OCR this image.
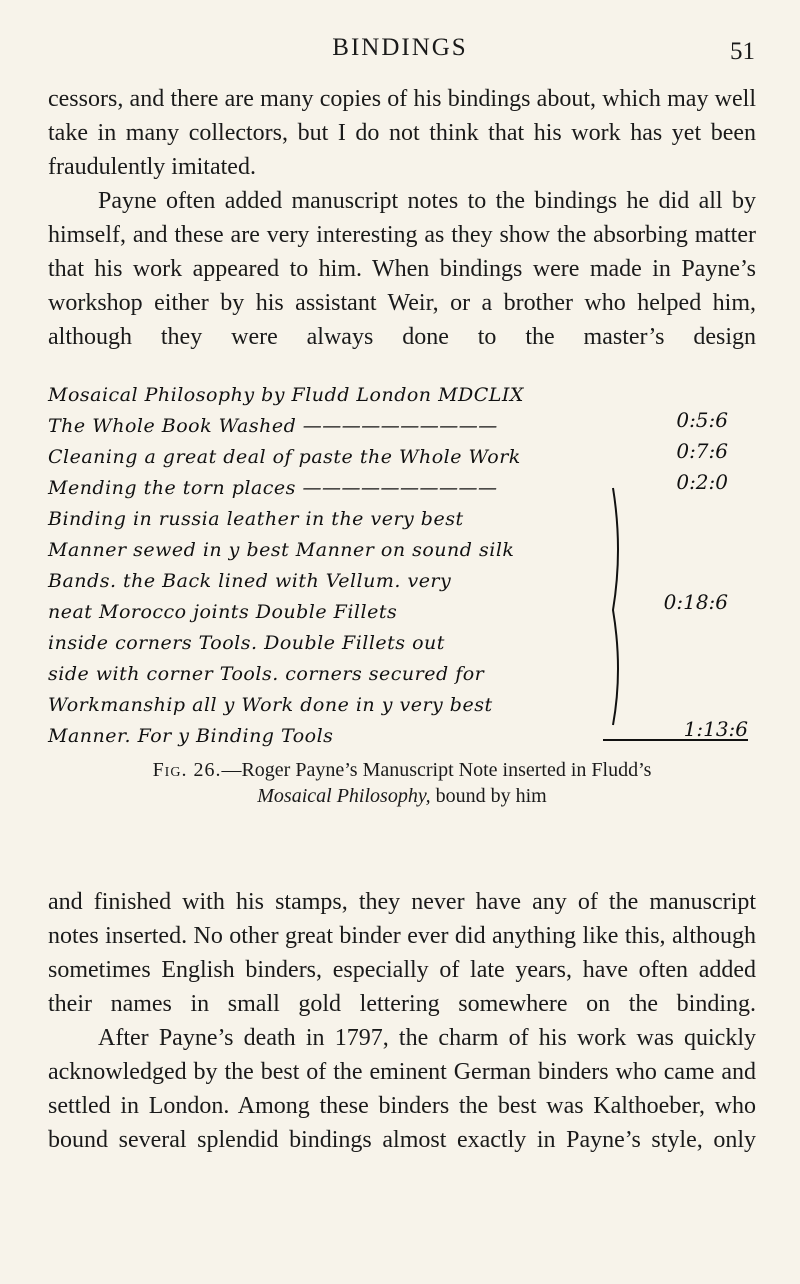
BINDINGS	51

cessors, and there are many copies of his bindings about, which may well take in many collectors, but I do not think that his work has yet been fraudulently imitated.

Payne often added manuscript notes to the bindings he did all by himself, and these are very interesting as they show the absorbing matter that his work appeared to him. When bindings were made in Payne’s workshop either by his assistant Weir, or a brother who helped him, although they were always done to the master’s design

Mosaical Philosophy by Fludd London MDCLIX
The Whole Book Washed ——————————
Cleaning a great deal of paste the Whole Work
Mending the torn places ——————————
Binding in russia leather in the very best
Manner sewed in y best Manner on sound silk
Bands. the Back lined with Vellum. very
neat Morocco joints Double Fillets
inside corners Tools. Double Fillets out
side with corner Tools. corners secured for
Workmanship all y Work done in y very best
Manner. For y Binding Tools
0:5:6
0:7:6
0:2:0
0:18:6
1:13:6
Fig. 26.—Roger Payne’s Manuscript Note inserted in Fludd’s
Mosaical Philosophy, bound by him

and finished with his stamps, they never have any of the manuscript notes inserted. No other great binder ever did anything like this, although sometimes English binders, especially of late years, have often added their names in small gold lettering somewhere on the binding.

After Payne’s death in 1797, the charm of his work was quickly acknowledged by the best of the eminent German binders who came and settled in London. Among these binders the best was Kalthoeber, who bound several splendid bindings almost exactly in Payne’s style, only
